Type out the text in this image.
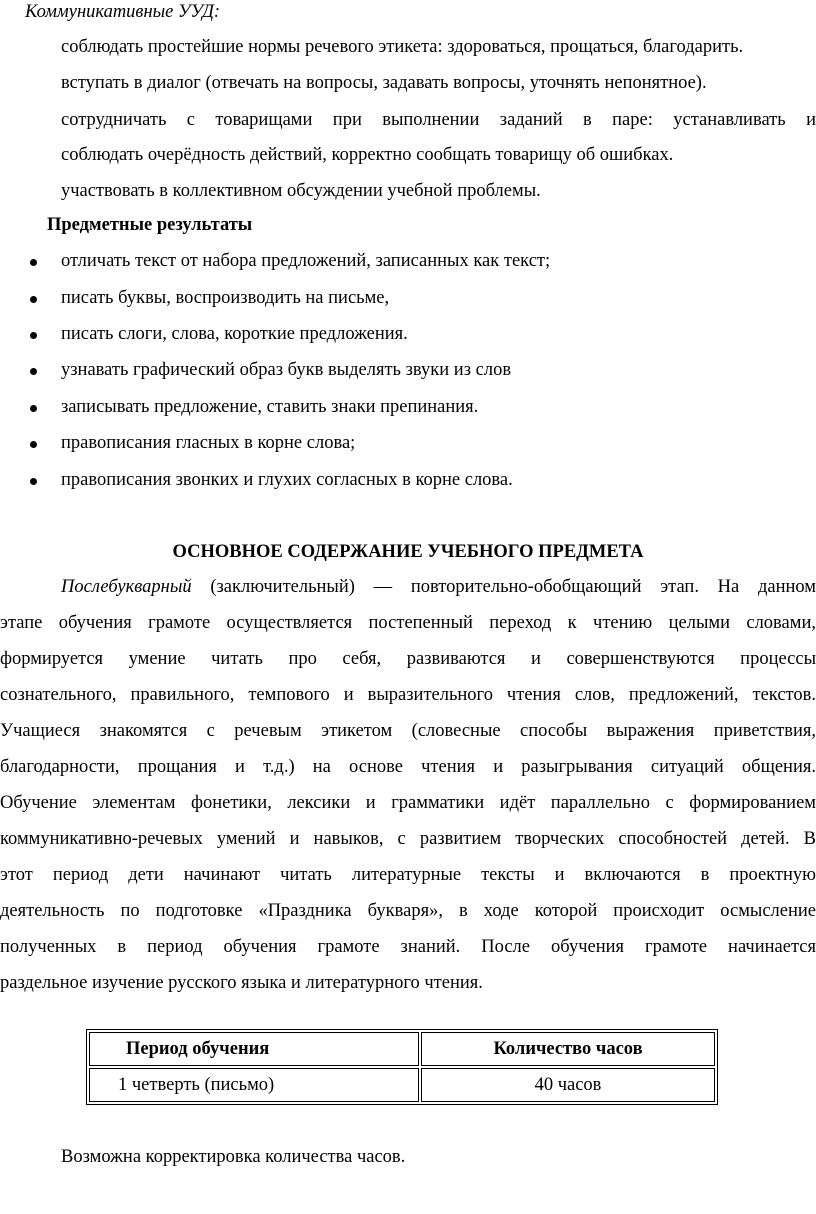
Коммуникативные УУД:
соблюдать простейшие нормы речевого этикета: здороваться, прощаться, благодарить.
вступать в диалог (отвечать на вопросы, задавать вопросы, уточнять непонятное).
сотрудничать с товарищами при выполнении заданий в паре: устанавливать и
соблюдать очерёдность действий, корректно сообщать товарищу об ошибках.
участвовать в коллективном обсуждении учебной проблемы.
Предметные результаты
отличать текст от набора предложений, записанных как текст;
писать буквы, воспроизводить на письме,
писать слоги, слова, короткие предложения.
узнавать графический образ букв выделять звуки из слов
записывать предложение, ставить знаки препинания.
правописания гласных в корне слова;
правописания звонких и глухих согласных в корне слова.
ОСНОВНОЕ СОДЕРЖАНИЕ УЧЕБНОГО ПРЕДМЕТА
Послебукварный (заключительный) — повторительно-обобщающий этап. На данном
этапе обучения грамоте осуществляется постепенный переход к чтению целыми словами,
формируется умение читать про себя, развиваются и совершенствуются процессы
сознательного, правильного, темпового и выразительного чтения слов, предложений, текстов.
Учащиеся знакомятся с речевым этикетом (словесные способы выражения приветствия,
благодарности, прощания и т.д.) на основе чтения и разыгрывания ситуаций общения.
Обучение элементам фонетики, лексики и грамматики идёт параллельно с формированием
коммуникативно-речевых умений и навыков, с развитием творческих способностей детей. В
этот период дети начинают читать литературные тексты и включаются в проектную
деятельность по подготовке «Праздника букваря», в ходе которой происходит осмысление
полученных в период обучения грамоте знаний. После обучения грамоте начинается
раздельное изучение русского языка и литературного чтения.
Период обучения	Количество часов
1 четверть (письмо)	40 часов
Возможна корректировка количества часов.
